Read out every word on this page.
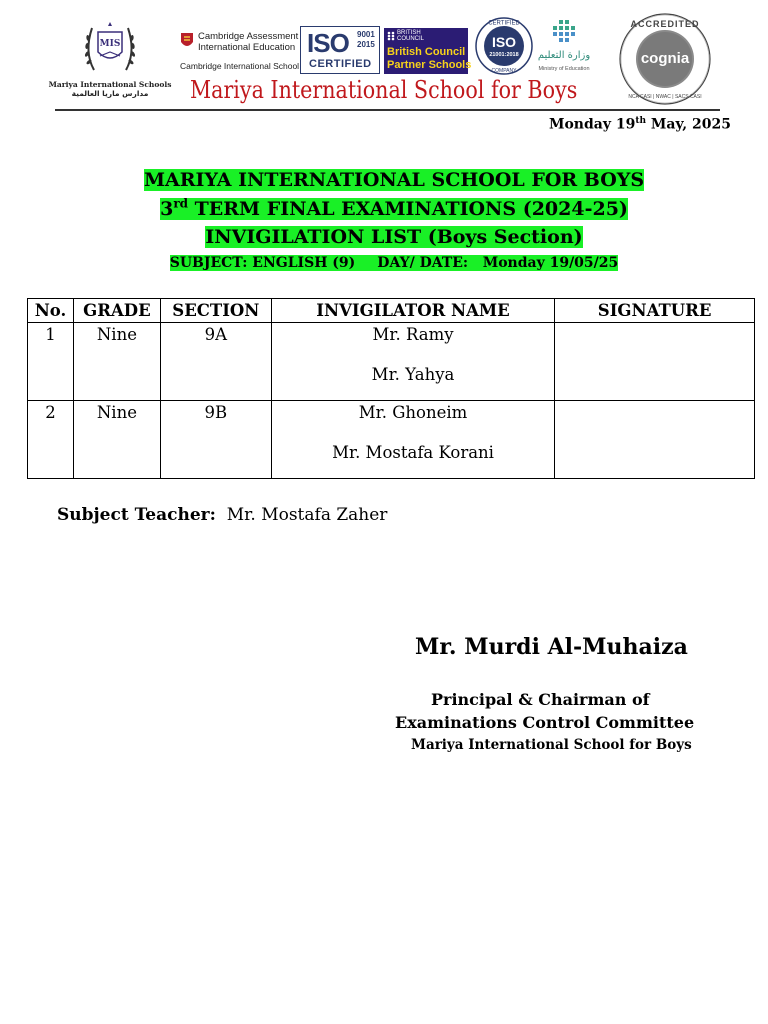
MIS
Mariya International Schools
مدارس ماريا العالمية
Cambridge Assessment
International Education
Cambridge International School
ISO 9001
2015
CERTIFIED
BRITISH
COUNCIL
British Council
Partner Schools
CERTIFIED
ISO
21001:2018
COMPANY
وزارة التعليم
Ministry of Education
ACCREDITED
cognia
NCA CASI | NWAC | SACS CASI
Mariya International School for Boys
Monday 19th May, 2025
MARIYA INTERNATIONAL SCHOOL FOR BOYS
3rd TERM FINAL EXAMINATIONS (2024-25)
INVIGILATION LIST (Boys Section)
SUBJECT: ENGLISH (9) DAY/ DATE: Monday 19/05/25
No.	GRADE	SECTION	INVIGILATOR NAME	SIGNATURE

1	Nine	9A	Mr. Ramy
Mr. Yahya	

2	Nine	9B	Mr. Ghoneim
Mr. Mostafa Korani	

Subject Teacher: Mr. Mostafa Zaher
Mr. Murdi Al-Muhaiza
Principal & Chairman of
Examinations Control Committee
Mariya International School for Boys
